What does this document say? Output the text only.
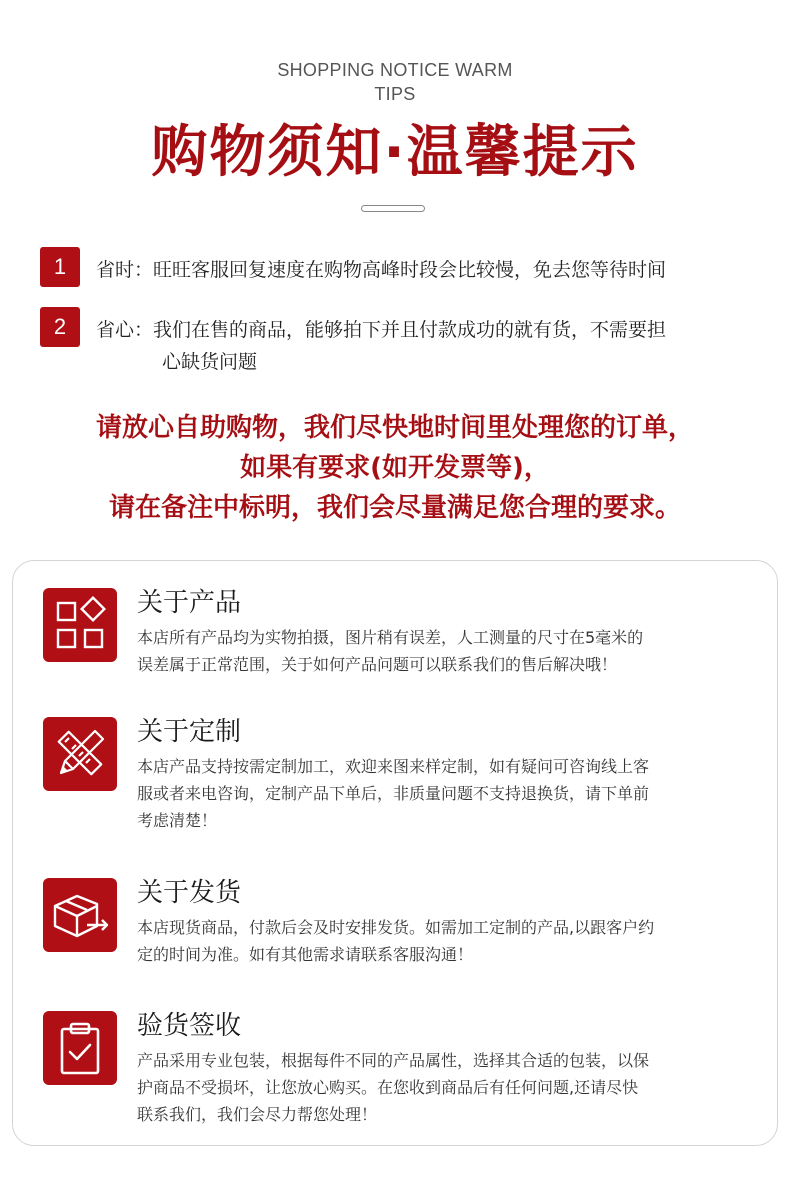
SHOPPING NOTICE WARM
TIPS
购物须知·温馨提示
1	省时：旺旺客服回复速度在购物高峰时段会比较慢，免去您等待时间
2	省心：我们在售的商品，能够拍下并且付款成功的就有货，不需要担
心缺货问题
请放心自助购物，我们尽快地时间里处理您的订单，
如果有要求(如开发票等)，
请在备注中标明，我们会尽量满足您合理的要求。
关于产品
本店所有产品均为实物拍摄，图片稍有误差，人工测量的尺寸在5毫米的
误差属于正常范围，关于如何产品问题可以联系我们的售后解决哦！
关于定制
本店产品支持按需定制加工，欢迎来图来样定制，如有疑问可咨询线上客
服或者来电咨询，定制产品下单后，非质量问题不支持退换货，请下单前
考虑清楚！
关于发货
本店现货商品，付款后会及时安排发货。如需加工定制的产品,以跟客户约
定的时间为准。如有其他需求请联系客服沟通！
验货签收
产品采用专业包装，根据每件不同的产品属性，选择其合适的包装，以保
护商品不受损坏，让您放心购买。在您收到商品后有任何问题,还请尽快
联系我们，我们会尽力帮您处理！
